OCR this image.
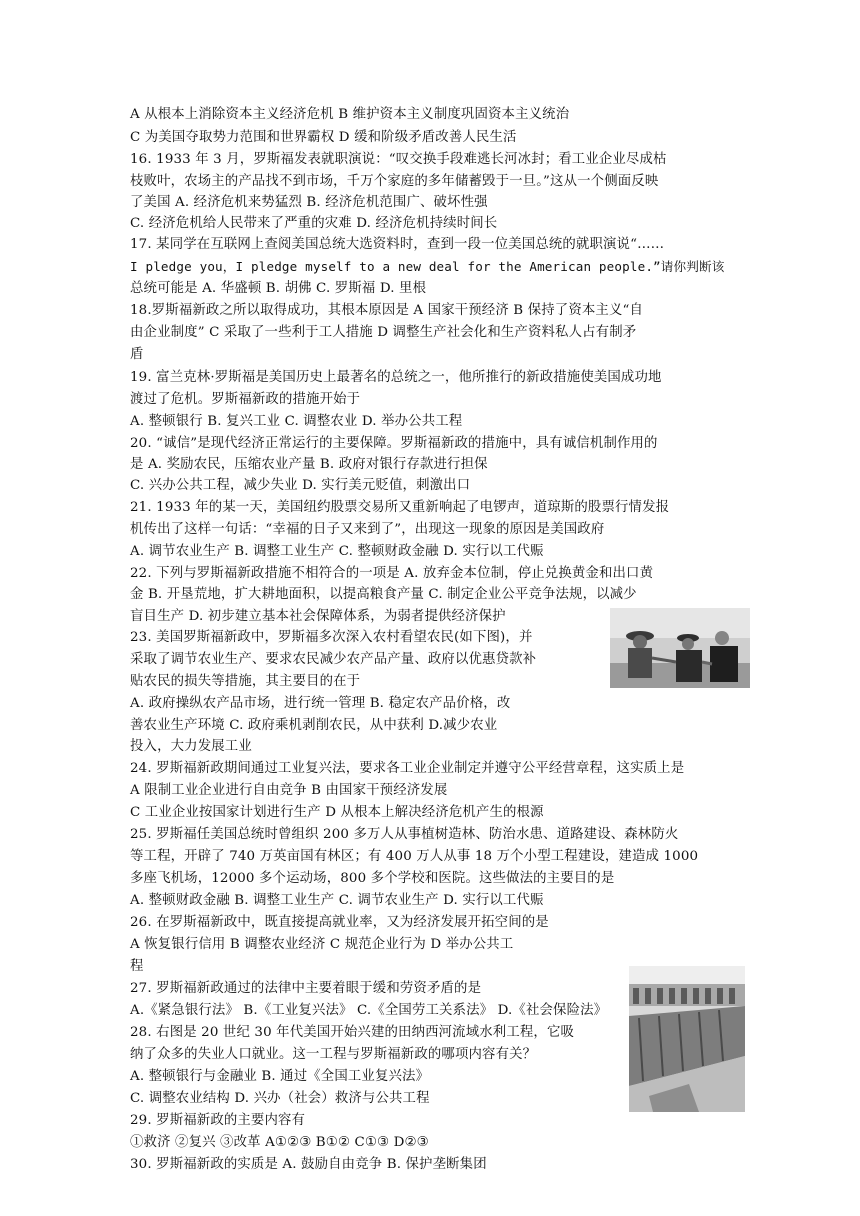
A 从根本上消除资本主义经济危机 B 维护资本主义制度巩固资本主义统治
C 为美国夺取势力范围和世界霸权 D 缓和阶级矛盾改善人民生活
16. 1933 年 3 月，罗斯福发表就职演说：“叹交换手段难逃长河冰封；看工业企业尽成枯
枝败叶，农场主的产品找不到市场，千万个家庭的多年储蓄毁于一旦。”这从一个侧面反映
了美国 A. 经济危机来势猛烈 B. 经济危机范围广、破坏性强
C. 经济危机给人民带来了严重的灾难 D. 经济危机持续时间长
17. 某同学在互联网上查阅美国总统大选资料时，查到一段一位美国总统的就职演说“……
I pledge you，I pledge myself to a new deal for the American people.”请你判断该
总统可能是 A. 华盛顿 B. 胡佛 C. 罗斯福 D. 里根
18.罗斯福新政之所以取得成功，其根本原因是 A 国家干预经济 B 保持了资本主义“自
由企业制度” C 采取了一些利于工人措施 D 调整生产社会化和生产资料私人占有制矛
盾
19. 富兰克林·罗斯福是美国历史上最著名的总统之一，他所推行的新政措施使美国成功地
渡过了危机。罗斯福新政的措施开始于
A. 整顿银行 B. 复兴工业 C. 调整农业 D. 举办公共工程
20. “诚信”是现代经济正常运行的主要保障。罗斯福新政的措施中，具有诚信机制作用的
是 A. 奖励农民，压缩农业产量 B. 政府对银行存款进行担保
C. 兴办公共工程，减少失业 D. 实行美元贬值，刺激出口
21. 1933 年的某一天，美国纽约股票交易所又重新响起了电锣声，道琼斯的股票行情发报
机传出了这样一句话：“幸福的日子又来到了”，出现这一现象的原因是美国政府
A. 调节农业生产 B. 调整工业生产 C. 整顿财政金融 D. 实行以工代赈
22. 下列与罗斯福新政措施不相符合的一项是 A. 放弃金本位制，停止兑换黄金和出口黄
金 B. 开垦荒地，扩大耕地面积，以提高粮食产量 C. 制定企业公平竞争法规，以减少
盲目生产 D. 初步建立基本社会保障体系，为弱者提供经济保护
23. 美国罗斯福新政中，罗斯福多次深入农村看望农民(如下图)，并
采取了调节农业生产、要求农民减少农产品产量、政府以优惠贷款补
贴农民的损失等措施，其主要目的在于
A. 政府操纵农产品市场，进行统一管理 B. 稳定农产品价格，改
善农业生产环境 C. 政府乘机剥削农民，从中获利 D.减少农业
投入，大力发展工业
24. 罗斯福新政期间通过工业复兴法，要求各工业企业制定并遵守公平经营章程，这实质上是
A 限制工业企业进行自由竞争 B 由国家干预经济发展
C 工业企业按国家计划进行生产 D 从根本上解决经济危机产生的根源
25. 罗斯福任美国总统时曾组织 200 多万人从事植树造林、防治水患、道路建设、森林防火
等工程，开辟了 740 万英亩国有林区；有 400 万人从事 18 万个小型工程建设，建造成 1000
多座飞机场，12000 多个运动场，800 多个学校和医院。这些做法的主要目的是
A. 整顿财政金融 B. 调整工业生产 C. 调节农业生产 D. 实行以工代赈
26. 在罗斯福新政中，既直接提高就业率，又为经济发展开拓空间的是
A 恢复银行信用 B 调整农业经济 C 规范企业行为 D 举办公共工
程
27. 罗斯福新政通过的法律中主要着眼于缓和劳资矛盾的是
A.《紧急银行法》 B.《工业复兴法》 C.《全国劳工关系法》 D.《社会保险法》
28. 右图是 20 世纪 30 年代美国开始兴建的田纳西河流域水利工程，它吸
纳了众多的失业人口就业。这一工程与罗斯福新政的哪项内容有关？
A. 整顿银行与金融业 B. 通过《全国工业复兴法》
C. 调整农业结构 D. 兴办（社会）救济与公共工程
29. 罗斯福新政的主要内容有
①救济 ②复兴 ③改革 A①②③ B①② C①③ D②③
30. 罗斯福新政的实质是 A. 鼓励自由竞争 B. 保护垄断集团
